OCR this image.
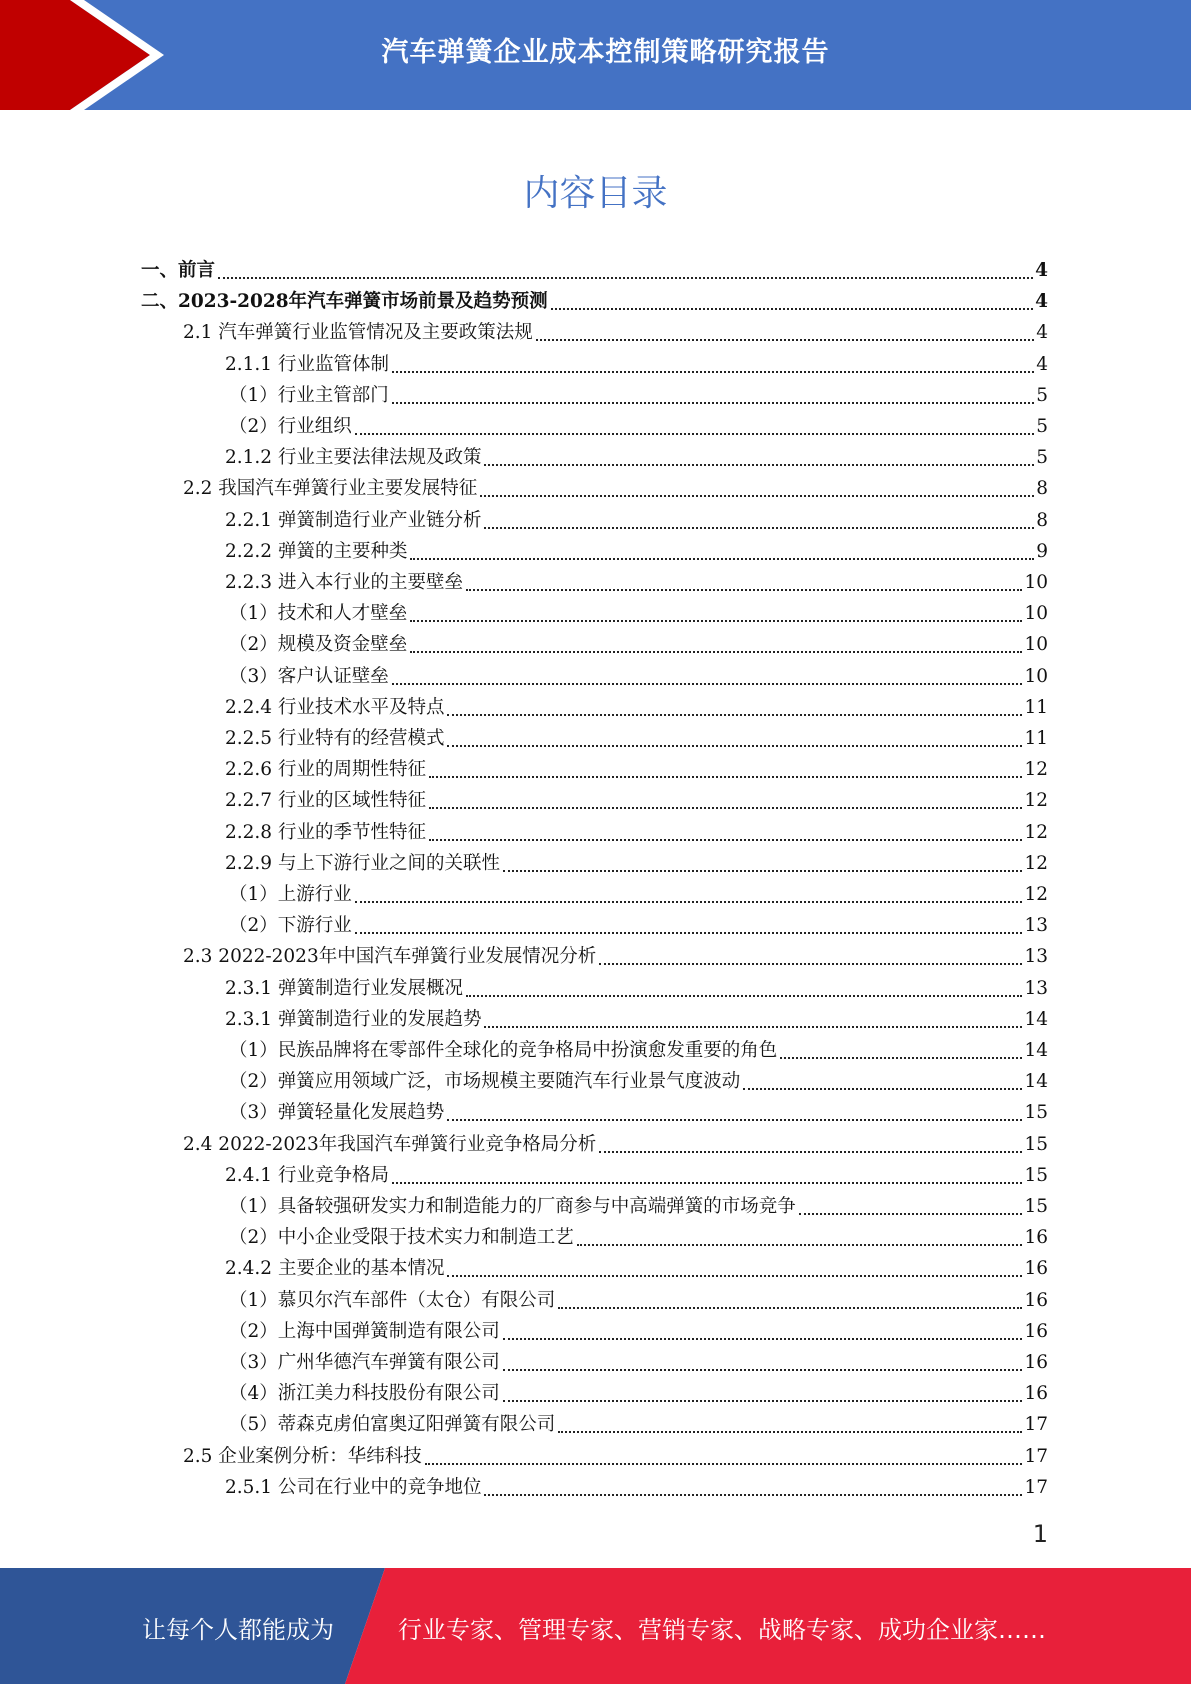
汽车弹簧企业成本控制策略研究报告
内容目录
一、前言	4
二、2023-2028年汽车弹簧市场前景及趋势预测	4
2.1 汽车弹簧行业监管情况及主要政策法规	4
2.1.1 行业监管体制	4
（1）行业主管部门	5
（2）行业组织	5
2.1.2 行业主要法律法规及政策	5
2.2 我国汽车弹簧行业主要发展特征	8
2.2.1 弹簧制造行业产业链分析	8
2.2.2 弹簧的主要种类	9
2.2.3 进入本行业的主要壁垒	10
（1）技术和人才壁垒	10
（2）规模及资金壁垒	10
（3）客户认证壁垒	10
2.2.4 行业技术水平及特点	11
2.2.5 行业特有的经营模式	11
2.2.6 行业的周期性特征	12
2.2.7 行业的区域性特征	12
2.2.8 行业的季节性特征	12
2.2.9 与上下游行业之间的关联性	12
（1）上游行业	12
（2）下游行业	13
2.3 2022-2023年中国汽车弹簧行业发展情况分析	13
2.3.1 弹簧制造行业发展概况	13
2.3.1 弹簧制造行业的发展趋势	14
（1）民族品牌将在零部件全球化的竞争格局中扮演愈发重要的角色	14
（2）弹簧应用领域广泛，市场规模主要随汽车行业景气度波动	14
（3）弹簧轻量化发展趋势	15
2.4 2022-2023年我国汽车弹簧行业竞争格局分析	15
2.4.1 行业竞争格局	15
（1）具备较强研发实力和制造能力的厂商参与中高端弹簧的市场竞争	15
（2）中小企业受限于技术实力和制造工艺	16
2.4.2 主要企业的基本情况	16
（1）慕贝尔汽车部件（太仓）有限公司	16
（2）上海中国弹簧制造有限公司	16
（3）广州华德汽车弹簧有限公司	16
（4）浙江美力科技股份有限公司	16
（5）蒂森克虏伯富奥辽阳弹簧有限公司	17
2.5 企业案例分析：华纬科技	17
2.5.1 公司在行业中的竞争地位	17
1
让每个人都能成为	行业专家、管理专家、营销专家、战略专家、成功企业家……
